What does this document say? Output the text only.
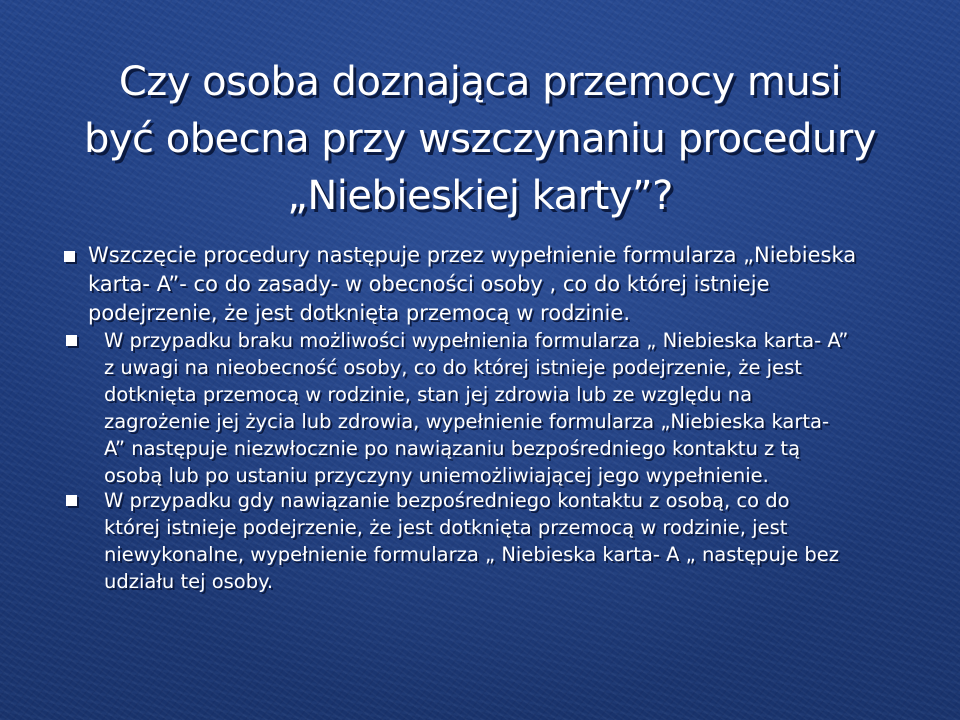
Czy osoba doznająca przemocy musi
być obecna przy wszczynaniu procedury
„Niebieskiej karty”?
Wszczęcie procedury następuje przez wypełnienie formularza „Niebieska
karta- A”- co do zasady- w obecności osoby , co do której istnieje
podejrzenie, że jest dotknięta przemocą w rodzinie.
W przypadku braku możliwości wypełnienia formularza „ Niebieska karta- A”
z uwagi na nieobecność osoby, co do której istnieje podejrzenie, że jest
dotknięta przemocą w rodzinie, stan jej zdrowia lub ze względu na
zagrożenie jej życia lub zdrowia, wypełnienie formularza „Niebieska karta-
A” następuje niezwłocznie po nawiązaniu bezpośredniego kontaktu z tą
osobą lub po ustaniu przyczyny uniemożliwiającej jego wypełnienie.
W przypadku gdy nawiązanie bezpośredniego kontaktu z osobą, co do
której istnieje podejrzenie, że jest dotknięta przemocą w rodzinie, jest
niewykonalne, wypełnienie formularza „ Niebieska karta- A „ następuje bez
udziału tej osoby.
